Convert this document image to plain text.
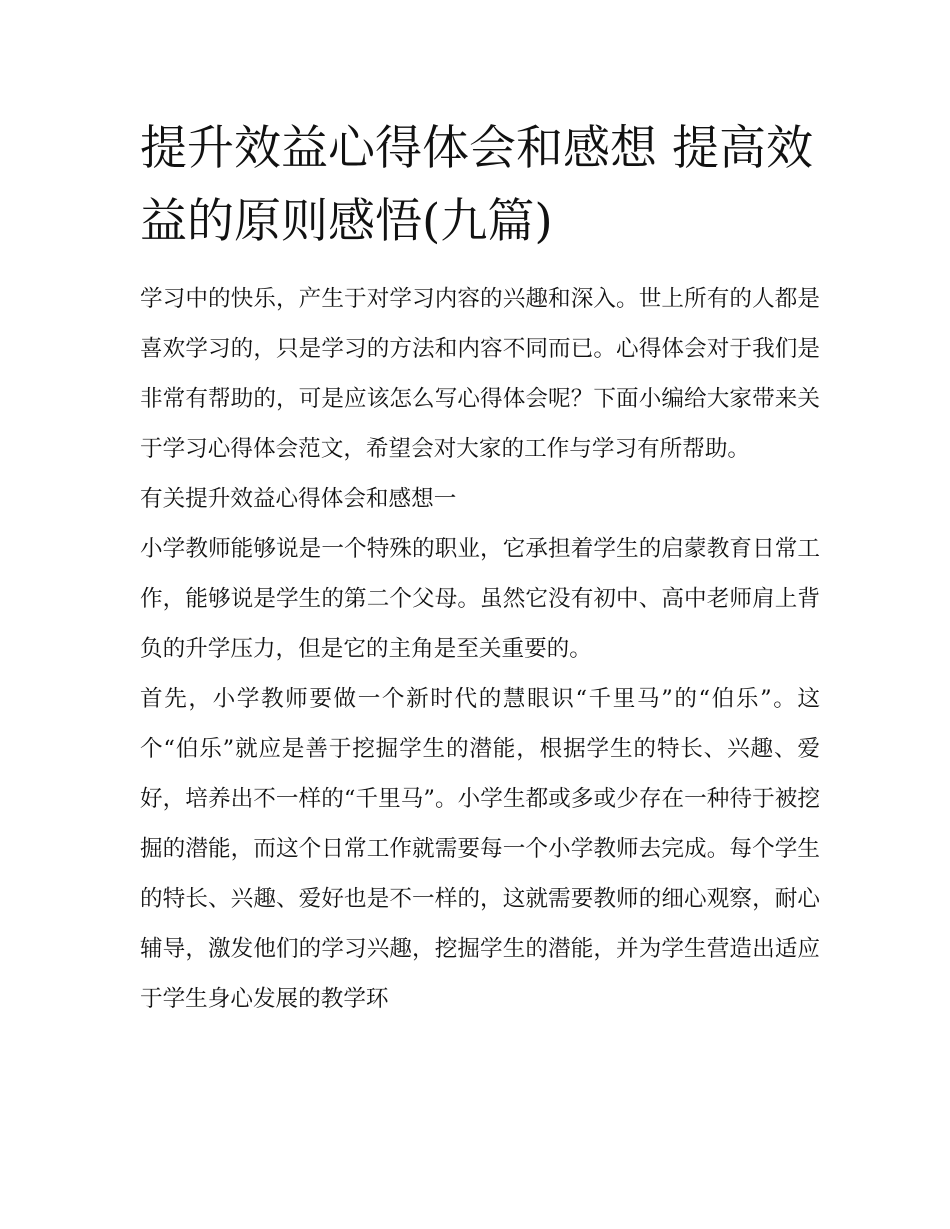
提升效益心得体会和感想 提高效益的原则感悟(九篇)

学习中的快乐，产生于对学习内容的兴趣和深入。世上所有的人都是喜欢学习的，只是学习的方法和内容不同而已。心得体会对于我们是非常有帮助的，可是应该怎么写心得体会呢？下面小编给大家带来关于学习心得体会范文，希望会对大家的工作与学习有所帮助。

有关提升效益心得体会和感想一

小学教师能够说是一个特殊的职业，它承担着学生的启蒙教育日常工作，能够说是学生的第二个父母。虽然它没有初中、高中老师肩上背负的升学压力，但是它的主角是至关重要的。

首先，小学教师要做一个新时代的慧眼识“千里马”的“伯乐”。这个“伯乐”就应是善于挖掘学生的潜能，根据学生的特长、兴趣、爱好，培养出不一样的“千里马”。小学生都或多或少存在一种待于被挖掘的潜能，而这个日常工作就需要每一个小学教师去完成。每个学生的特长、兴趣、爱好也是不一样的，这就需要教师的细心观察，耐心辅导，激发他们的学习兴趣，挖掘学生的潜能，并为学生营造出适应于学生身心发展的教学环
